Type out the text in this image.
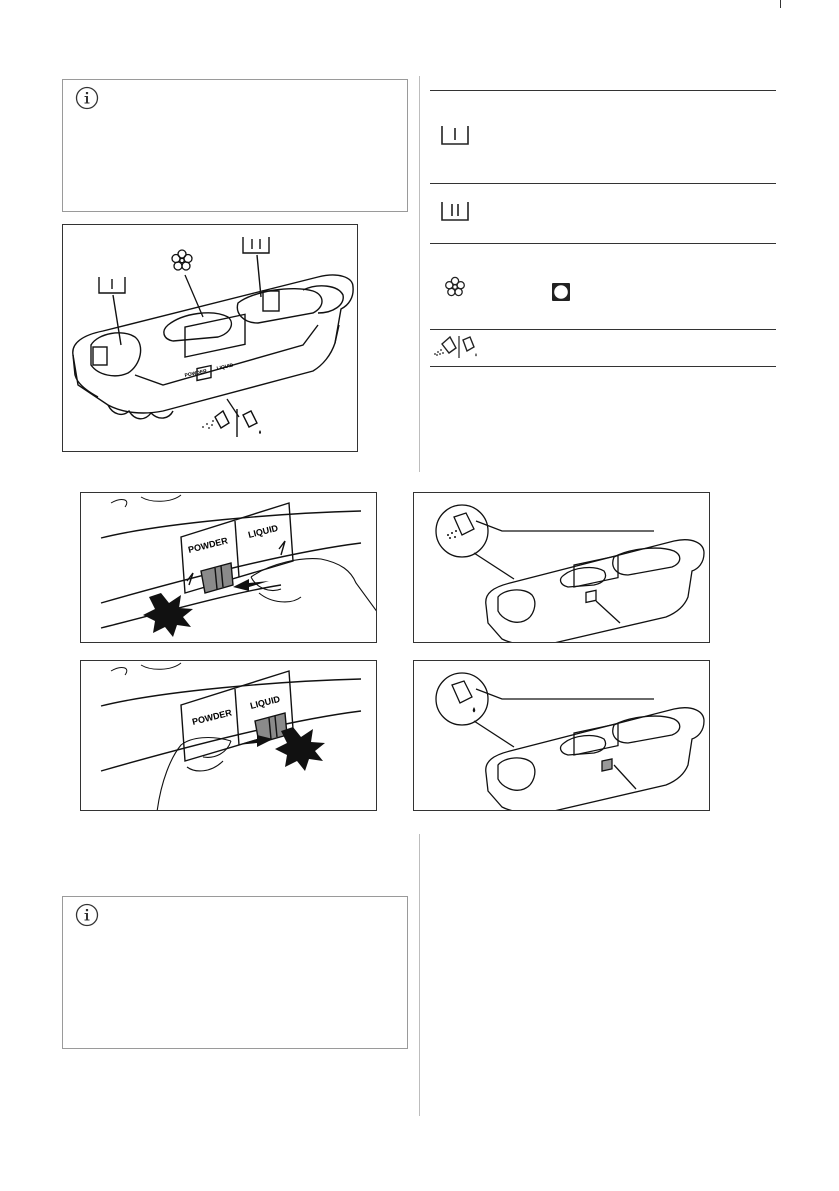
POWDER
LIQUID
POWDER
LIQUID
POWDER
LIQUID
